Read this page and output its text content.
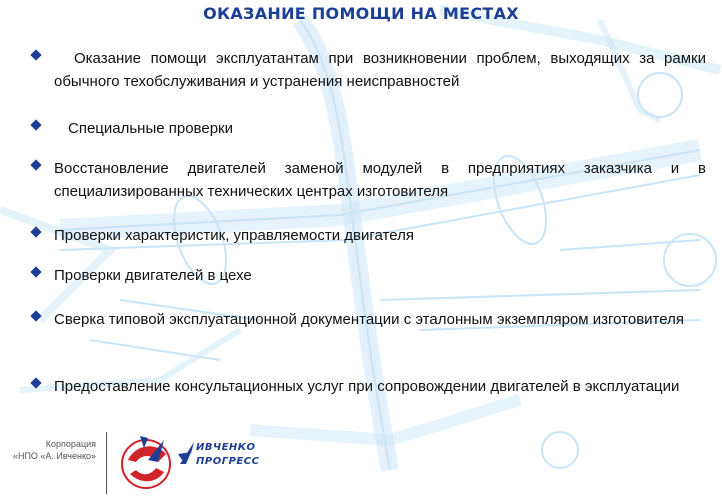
ОКАЗАНИЕ ПОМОЩИ НА МЕСТАХ
Оказание помощи эксплуатантам при возникновении проблем, выходящих за рамки обычного техобслуживания и устранения неисправностей
Специальные проверки
Восстановление двигателей заменой модулей в предприятиях заказчика и в специализированных технических центрах изготовителя
Проверки характеристик, управляемости двигателя
Проверки двигателей в цехе
Сверка типовой эксплуатационной документации с эталонным экземпляром изготовителя
Предоставление консультационных услуг при сопровождении двигателей в эксплуатации
Корпорация
«НПО «А. Ивченко»
ИВЧЕНКО
ПРОГРЕСС
